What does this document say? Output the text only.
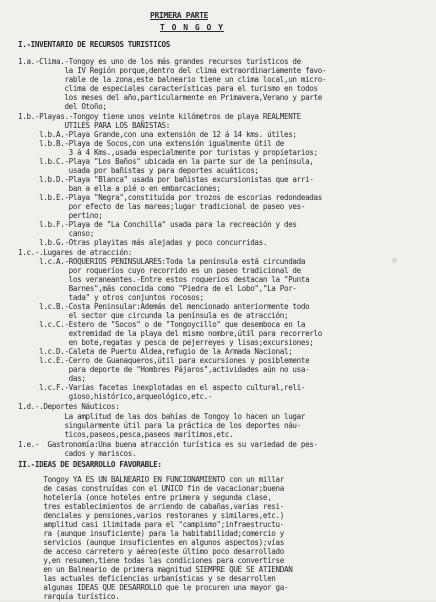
PRIMERA PARTE
T O N G O Y
I.-INVENTARIO DE RECURSOS TURISTICOS
1.a.-Clima.-Tongoy es uno de los más grandes recursos turísticos de
la IV Región porque,dentro del clima extraordinariamente favo-
rable de la zona,este balneario tiene un clima local,un micro-
clima de especiales características para el turismo en todos
los meses del año,particularmente en Primavera,Verano y parte
del Otoño;
1.b.-Playas.-Tongoy tiene unos veinte kilómetros de playa REALMENTE
UTILES PARA LOS BAÑISTAS:
l.b.A.-Playa Grande,con una extensión de 12 á 14 kms. útiles;
l.b.B.-Playa de Socos,con una extensión igualmente útil de
3 á 4 Kms.,usada especialmente por turistas y propietarios;
l.b.C.-Playa "Los Baños" ubicada en la parte sur de la península,
usada por bañistas y para deportes acuáticos;
l.b.D.-Playa "Blanca" usada por bañistas excursionistas que arri-
ban a ella a pié o en embarcaciones;
l.b.E.-Playa "Negra",constituída por trozos de escorias redondeadas
por efecto de las mareas;lugar tradicional de paseo ves-
pertino;
l.b.F.-Playa de "La Conchilla" usada para la recreación y des
canso;
l.b.G.-Otras playitas más alejadas y poco concurridas.
1.c.-.Lugares de atracción:
l.c.A.-ROQUERIOS PENINSULARES:Toda la península está circundada
por roqueríos cuyo recorrido es un paseo tradicional de
los veraneantes.-Entre estos roqueríos destacan la "Punta
Barnes",más conocida como "Piedra de el Lobo","La Por-
tada" y otros conjuntos rocosos;
l.c.B.-Costa Peninsular:Además del mencionado anteriormente todo
el sector que circunda la península es de atracción;
l.c.C.-Estero de "Socos" o de "Tongoycillo" que desemboca en la
extremidad de la playa del mismo nombre,útil para recorrerlo
en bote,regatas y pesca de pejerreyes y lisas;excursiones;
l.c.D.-Caleta de Puerto Aldea,refugio de la Armada Nacional;
l.c.E.-Cerro de Guanaqueros,útil para excursiones y posiblemente
para deporte de "Hombres Pájaros",actividades aún no usa-
das;
l.c.F.-Varias facetas inexplotadas en el aspecto cultural,reli-
gioso,histórico,arqueológico,etc.-
1.d.-.Deportes Náuticos:
La amplitud de las dos bahías de Tongoy lo hacen un lugar
singularmente útil para la práctica de los deportes náu-
ticos,paseos,pesca,paseos marítimos,etc.
1.e.-  Gastronomía:Una buena atracción turística es su variedad de pes-
cados y mariscos.
II.-IDEAS DE DESARROLLO FAVORABLE:
Tongoy YA ES UN BALNEARIO EN FUNCIONAMIENTO con un millar
de casas construídas con el UNICO fin de vacacionar;buena
hotelería (once hoteles entre primera y segunda clase,
tres establecimientos de arriendo de cabañas,varias resi-
denciales y pensiones,varios restoranes y similares,etc.)
amplitud casi ilimitada para el "campismo";infraestructu-
ra (aunque insuficiente) para la habitabilidad;comercio y
servicios (aunque insuficientes en algunos aspectos);vías
de acceso carretero y aéreo(este último poco desarrollado
y,en resumen,tiene todas las condiciones para convertirse
en un Balneario de primera magnitud SIEMPRE QUE SE ATIENDAN
las actuales deficiencias urbanísticas y se desarrollen
algunas IDEAS QUE DESARROLLO que le procuren una mayor ga-
rarquía turístico.
